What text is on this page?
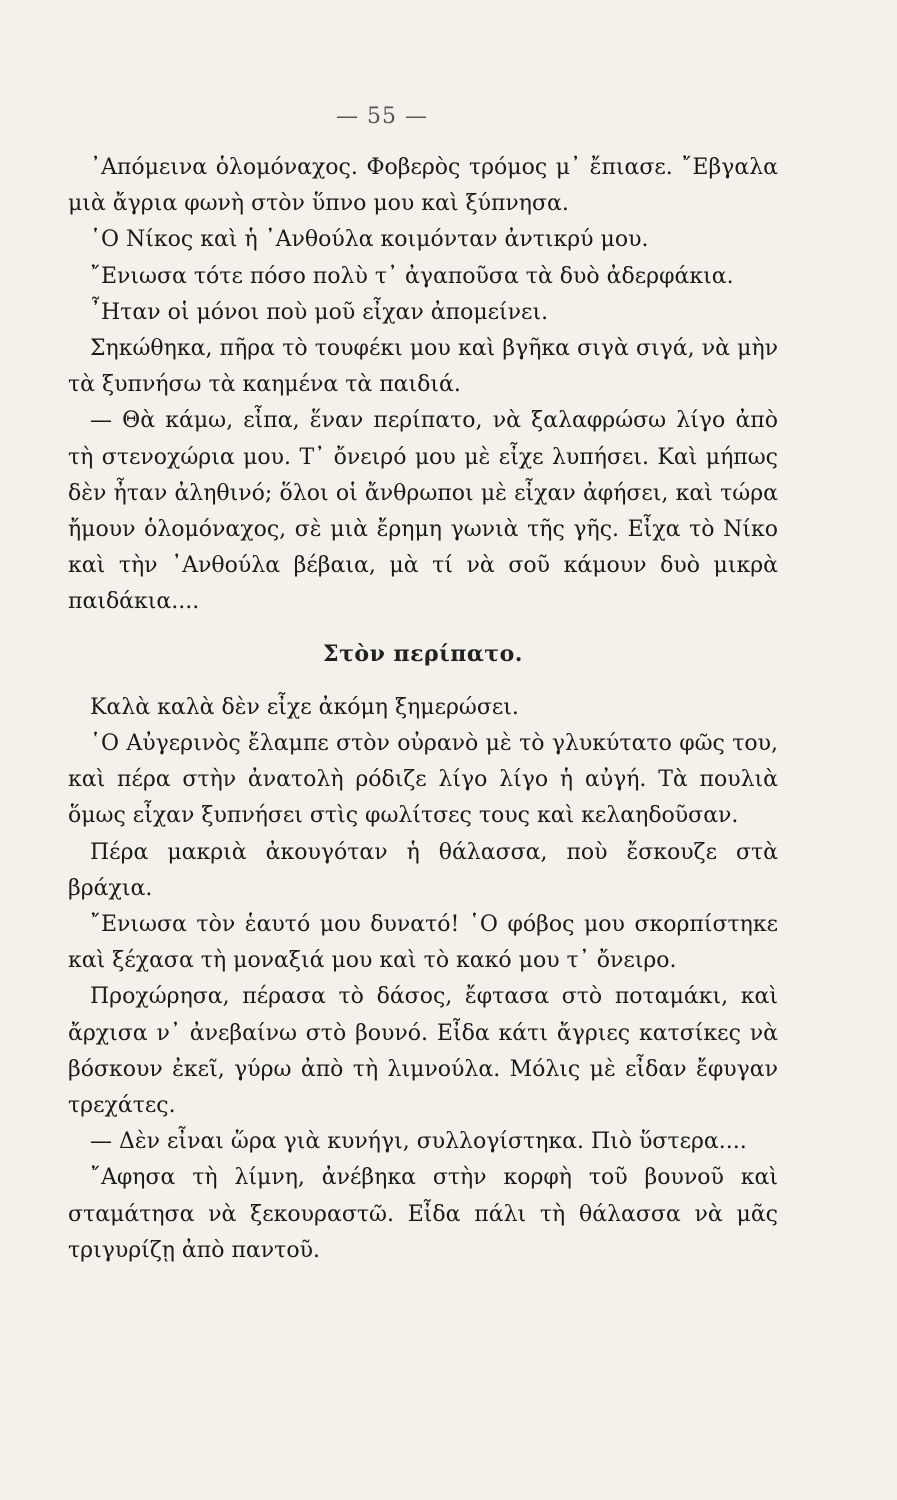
— 55 —

᾿Απόμεινα ὁλομόναχος. Φοβερὸς τρόμος μ᾿ ἔπιασε. ῎Εβγαλα μιὰ ἄγρια φωνὴ στὸν ὕπνο μου καὶ ξύπνησα.

῾Ο Νίκος καὶ ἡ ᾿Ανθούλα κοιμόνταν ἀντικρύ μου.

῎Ενιωσα τότε πόσο πολὺ τ᾿ ἀγαποῦσα τὰ δυὸ ἀδερφάκια.

῏Ηταν οἱ μόνοι ποὺ μοῦ εἶχαν ἀπομείνει.

Σηκώθηκα, πῆρα τὸ τουφέκι μου καὶ βγῆκα σιγὰ σιγά, νὰ μὴν τὰ ξυπνήσω τὰ καημένα τὰ παιδιά.

— Θὰ κάμω, εἶπα, ἕναν περίπατο, νὰ ξαλαφρώσω λίγο ἀπὸ τὴ στενοχώρια μου. Τ᾿ ὄνειρό μου μὲ εἶχε λυπήσει. Καὶ μήπως δὲν ἦταν ἀληθινό; ὅλοι οἱ ἄνθρωποι μὲ εἶχαν ἀφήσει, καὶ τώρα ἤμουν ὁλομόναχος, σὲ μιὰ ἔρημη γωνιὰ τῆς γῆς. Εἶχα τὸ Νίκο καὶ τὴν ᾿Ανθούλα βέβαια, μὰ τί νὰ σοῦ κάμουν δυὸ μικρὰ παιδάκια....

Στὸν περίπατο.

Καλὰ καλὰ δὲν εἶχε ἀκόμη ξημερώσει.

῾Ο Αὐγερινὸς ἔλαμπε στὸν οὐρανὸ μὲ τὸ γλυκύτατο φῶς του, καὶ πέρα στὴν ἀνατολὴ ρόδιζε λίγο λίγο ἡ αὐγή. Τὰ πουλιὰ ὅμως εἶχαν ξυπνήσει στὶς φωλίτσες τους καὶ κελαηδοῦσαν.

Πέρα μακριὰ ἀκουγόταν ἡ θάλασσα, ποὺ ἔσκουζε στὰ βράχια.

῎Ενιωσα τὸν ἑαυτό μου δυνατό! ῾Ο φόβος μου σκορπίστηκε καὶ ξέχασα τὴ μοναξιά μου καὶ τὸ κακό μου τ᾿ ὄνειρο.

Προχώρησα, πέρασα τὸ δάσος, ἔφτασα στὸ ποταμάκι, καὶ ἄρχισα ν᾿ ἀνεβαίνω στὸ βουνό. Εἶδα κάτι ἄγριες κατσίκες νὰ βόσκουν ἐκεῖ, γύρω ἀπὸ τὴ λιμνούλα. Μόλις μὲ εἶδαν ἔφυγαν τρεχάτες.

— Δὲν εἶναι ὥρα γιὰ κυνήγι, συλλογίστηκα. Πιὸ ὕστερα....

῎Αφησα τὴ λίμνη, ἀνέβηκα στὴν κορφὴ τοῦ βουνοῦ καὶ σταμάτησα νὰ ξεκουραστῶ. Εἶδα πάλι τὴ θάλασσα νὰ μᾶς τριγυρίζῃ ἀπὸ παντοῦ.
